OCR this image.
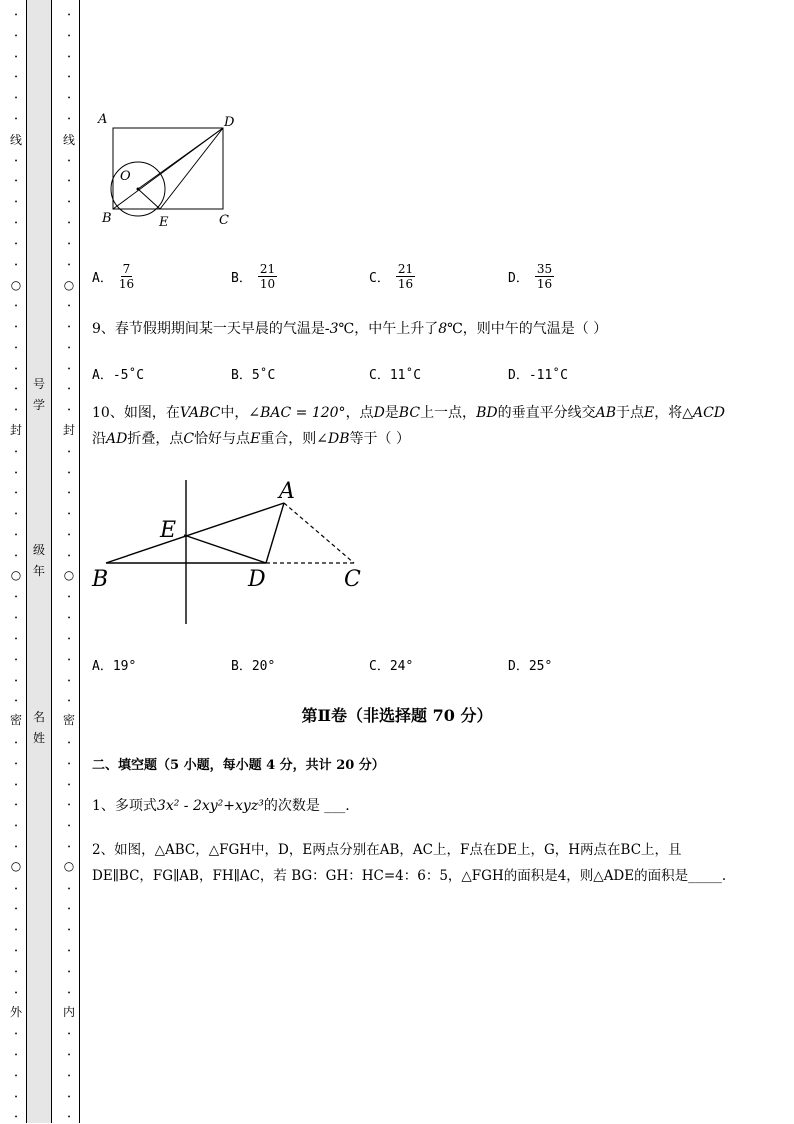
•
•
•
•
•
•
线
•
•
•
•
•
•
○
•
•
•
•
•
•
封
•
•
•
•
•
•
○
•
•
•
•
•
•
密
•
•
•
•
•
•
○
•
•
•
•
•
•
外
•
•
•
•
•
•
•
•
•
•
•
线
•
•
•
•
•
•
○
•
•
•
•
•
•
封
•
•
•
•
•
•
○
•
•
•
•
•
•
密
•
•
•
•
•
•
○
•
•
•
•
•
•
内
•
•
•
•
•
号
学
级
年
名
姓
A	D
O
B	E	C
A． $\frac{7}{16}$	B． $\frac{21}{10}$	C． $\frac{21}{16}$	D． $\frac{35}{16}$
9、春节假期期间某一天早晨的气温是-3℃，中午上升了8℃，则中午的气温是（ ）
A．-5˚C	B．5˚C	C．11˚C	D．-11˚C
10、如图，在VABC中，∠BAC = 120°，点D是BC上一点，BD的垂直平分线交AB于点E，将△ACD
沿AD折叠，点C恰好与点E重合，则∠DB等于（ ）
A
E
B	D	C
A．19°	B．20°	C．24°	D．25°
第Ⅱ卷（非选择题 70 分）
二、填空题（5 小题，每小题 4 分，共计 20 分）
1、多项式3x² - 2xy²+xyz³的次数是 ___.
2、如图，△ABC，△FGH中，D，E两点分别在AB，AC上，F点在DE上，G，H两点在BC上，且
DE∥BC，FG∥AB，FH∥AC，若 BG：GH：HC=4：6：5，△FGH的面积是4，则△ADE的面积是_____.
